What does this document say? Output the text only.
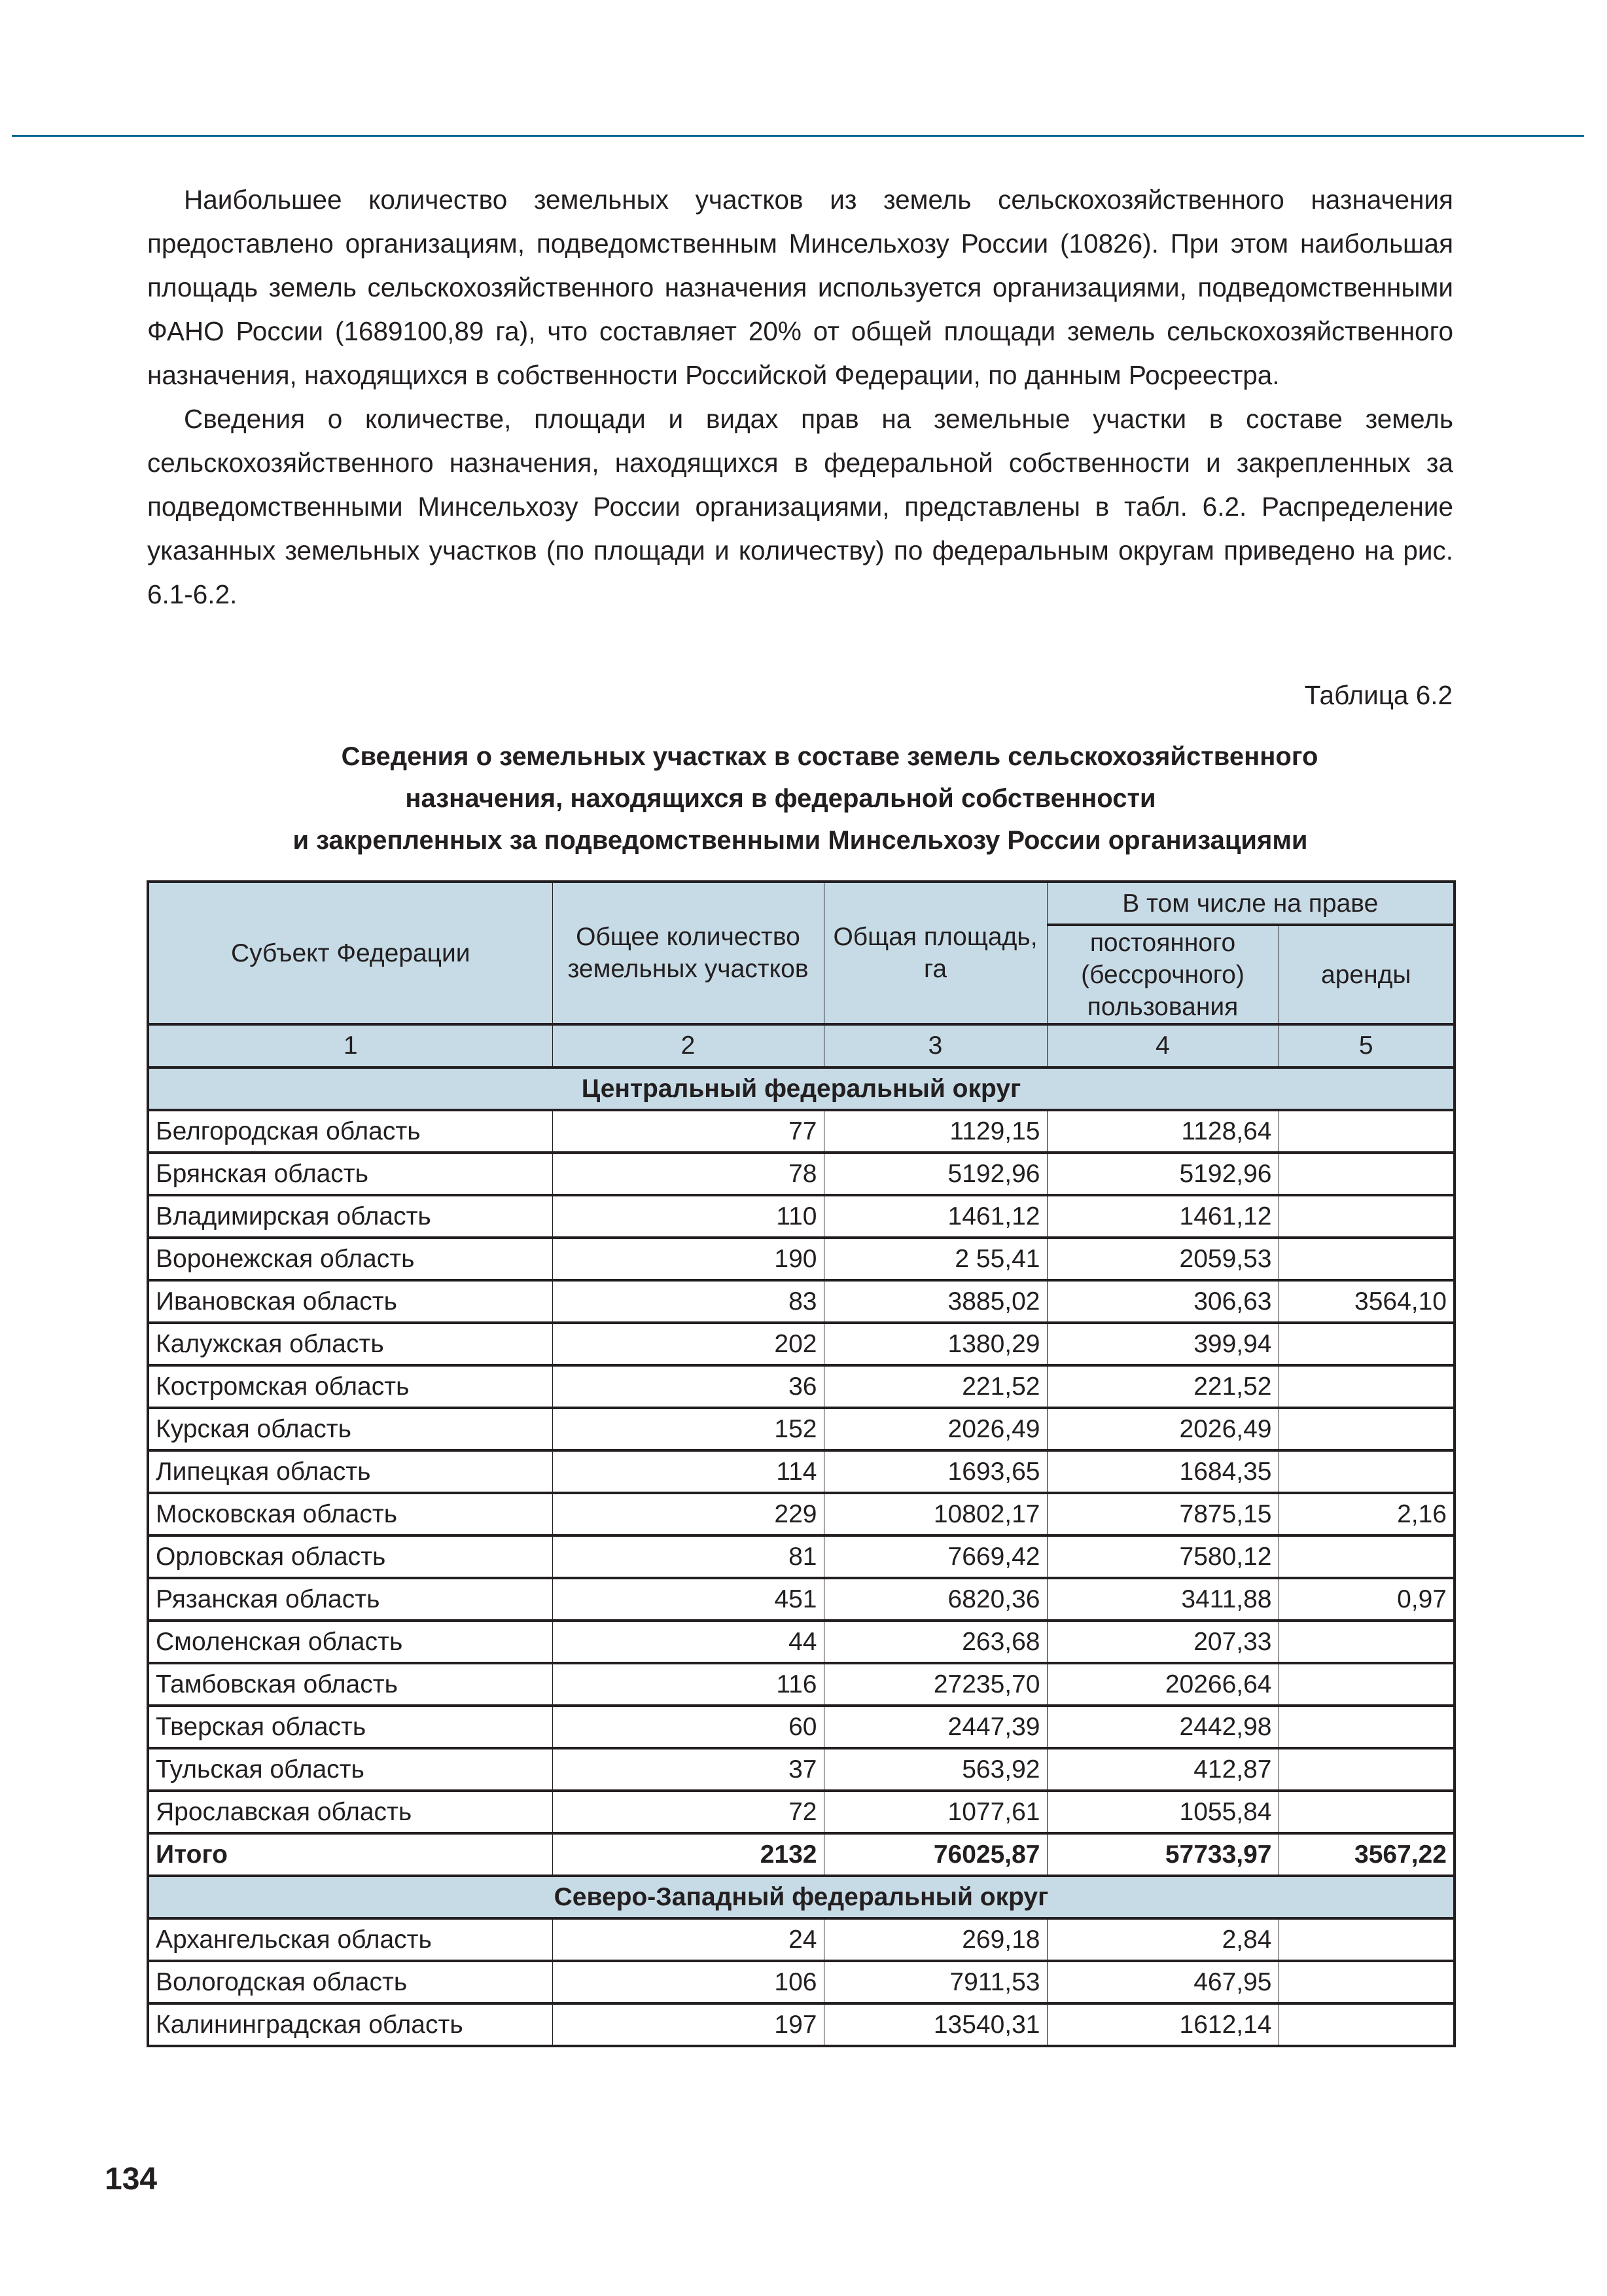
Наибольшее количество земельных участков из земель сельскохозяйственного назначения предоставлено организациям, подведомственным Минсельхозу России (10826). При этом наибольшая площадь земель сельскохозяйственного назначения используется организациями, подведомственными ФАНО России (1689100,89 га), что составляет 20% от общей площади земель сельскохозяйственного назначения, находящихся в собственности Российской Федерации, по данным Росреестра.

Сведения о количестве, площади и видах прав на земельные участки в составе земель сельскохозяйственного назначения, находящихся в федеральной собственности и закрепленных за подведомственными Минсельхозу России организациями, представлены в табл. 6.2. Распределение указанных земельных участков (по площади и количеству) по федеральным округам приведено на рис. 6.1-6.2.

Таблица 6.2
Сведения о земельных участках в составе земель сельскохозяйственного
назначения, находящихся в федеральной собственности
и закрепленных за подведомственными Минсельхозу России организациями
Субъект Федерации	Общее количество земельных участков	Общая площадь, га	В том числе на праве	
			постоянного (бессрочного) пользования	аренды
1	2	3	4	5
Центральный федеральный округ				
Белгородская область	77	1129,15	1128,64	
Брянская область	78	5192,96	5192,96	
Владимирская область	110	1461,12	1461,12	
Воронежская область	190	2 55,41	2059,53	
Ивановская область	83	3885,02	306,63	3564,10
Калужская область	202	1380,29	399,94	
Костромская область	36	221,52	221,52	
Курская область	152	2026,49	2026,49	
Липецкая область	114	1693,65	1684,35	
Московская область	229	10802,17	7875,15	2,16
Орловская область	81	7669,42	7580,12	
Рязанская область	451	6820,36	3411,88	0,97
Смоленская область	44	263,68	207,33	
Тамбовская область	116	27235,70	20266,64	
Тверская область	60	2447,39	2442,98	
Тульская область	37	563,92	412,87	
Ярославская область	72	1077,61	1055,84	
Итого	2132	76025,87	57733,97	3567,22
Северо-Западный федеральный округ				
Архангельская область	24	269,18	2,84	
Вологодская область	106	7911,53	467,95	
Калининградская область	197	13540,31	1612,14	
134
